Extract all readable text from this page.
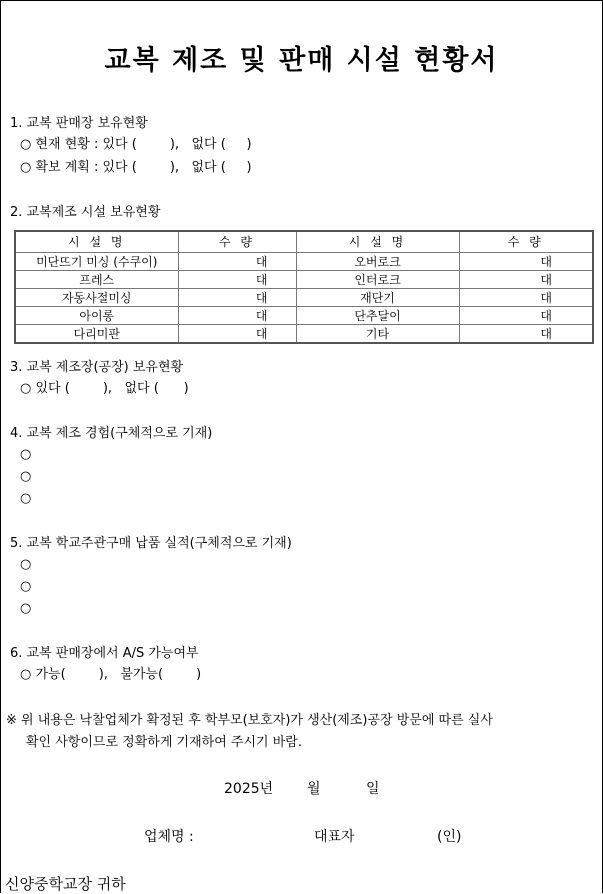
교복 제조 및 판매 시설 현황서
1. 교복 판매장 보유현황
○ 현재 현황 : 있다 (        ),   없다 (     )
○ 확보 계획 : 있다 (        ),   없다 (     )
2. 교복제조 시설 보유현황
시 설 명	수 량	시 설 명	수 량
미단뜨기 미싱 (수쿠이)	대	오버로크	대
프레스	대	인터로크	대
자동사절미싱	대	재단기	대
아이롱	대	단추달이	대
다리미판	대	기타	대
3. 교복 제조장(공장) 보유현황
○ 있다 (        ),   없다 (      )
4. 교복 제조 경험(구체적으로 기재)
○
○
○
5. 교복 학교주관구매 납품 실적(구체적으로 기재)
○
○
○
6. 교복 판매장에서 A/S 가능여부
○ 가능(        ),   불가능(        )
※ 위 내용은 낙찰업체가 확정된 후 학부모(보호자)가 생산(제조)공장 방문에 따른 실사
확인 사항이므로 정확하게 기재하여 주시기 바람.
2025년 월	일
업체명 :	대표자	(인)
신양중학교장 귀하
